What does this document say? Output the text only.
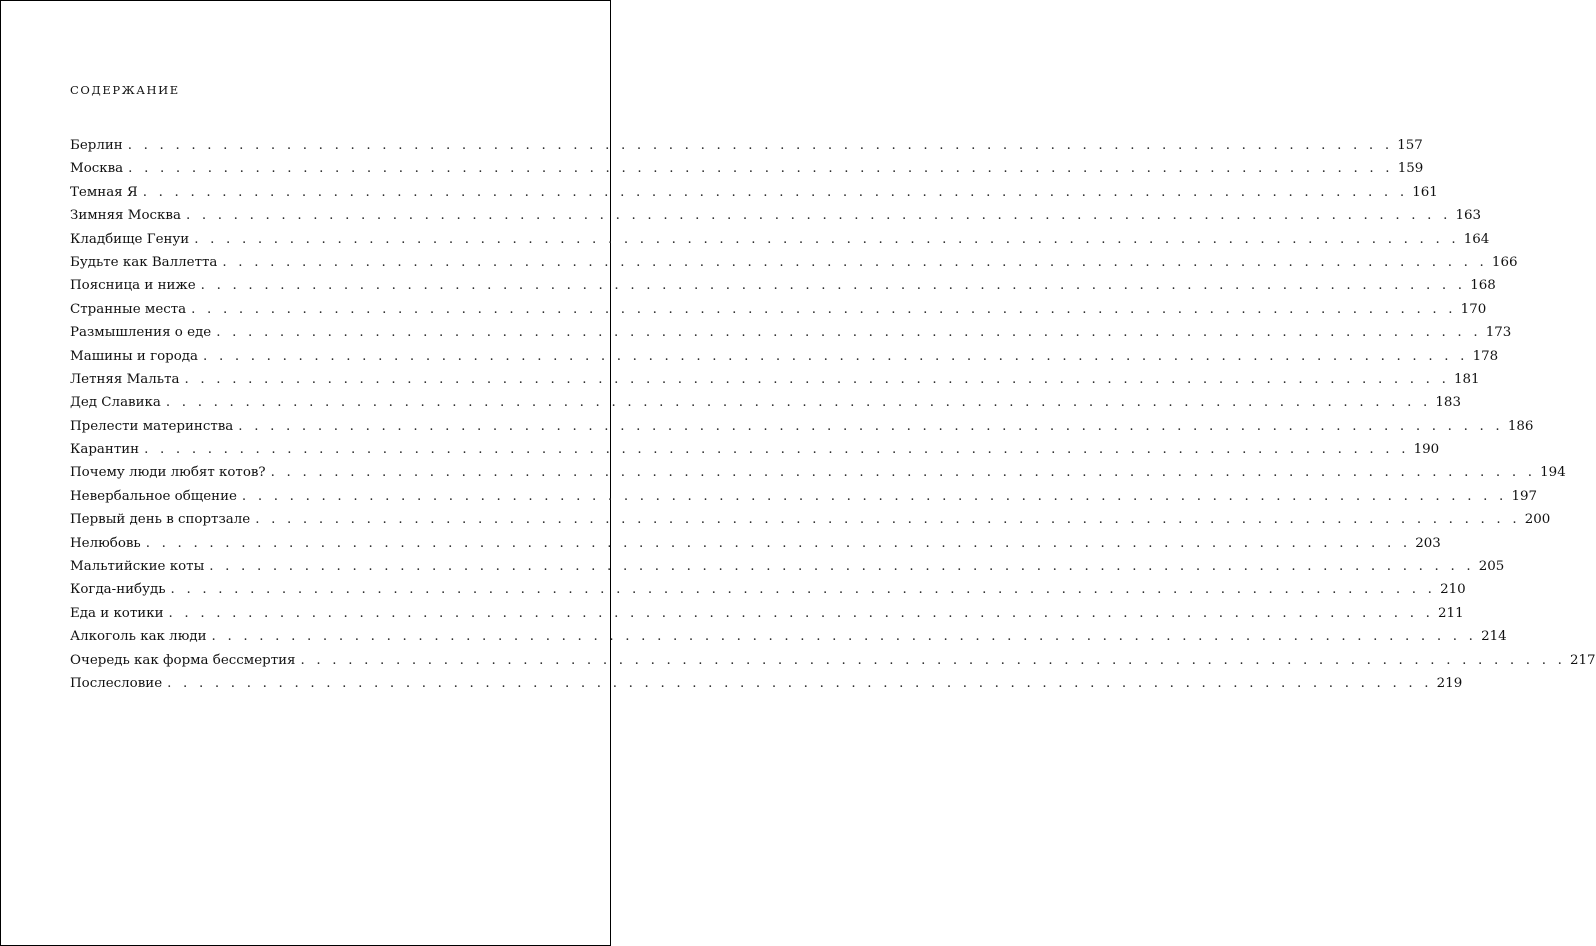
СОДЕРЖАНИЕ
Берлин . . . . . . . . . . . . . . . . . . . . . . . . . . . . . . . . . . . . . . . . . . . . . . . . . . . . . . . . . . . . . . . . . . . . . . . . . . . . . . . . 157
Москва . . . . . . . . . . . . . . . . . . . . . . . . . . . . . . . . . . . . . . . . . . . . . . . . . . . . . . . . . . . . . . . . . . . . . . . . . . . . . . . . 159
Темная Я . . . . . . . . . . . . . . . . . . . . . . . . . . . . . . . . . . . . . . . . . . . . . . . . . . . . . . . . . . . . . . . . . . . . . . . . . . . . . . . . 161
Зимняя Москва . . . . . . . . . . . . . . . . . . . . . . . . . . . . . . . . . . . . . . . . . . . . . . . . . . . . . . . . . . . . . . . . . . . . . . . . . . . . . . . . 163
Кладбище Генуи . . . . . . . . . . . . . . . . . . . . . . . . . . . . . . . . . . . . . . . . . . . . . . . . . . . . . . . . . . . . . . . . . . . . . . . . . . . . . . . . 164
Будьте как Валлетта . . . . . . . . . . . . . . . . . . . . . . . . . . . . . . . . . . . . . . . . . . . . . . . . . . . . . . . . . . . . . . . . . . . . . . . . . . . . . . . . 166
Поясница и ниже . . . . . . . . . . . . . . . . . . . . . . . . . . . . . . . . . . . . . . . . . . . . . . . . . . . . . . . . . . . . . . . . . . . . . . . . . . . . . . . . 168
Странные места . . . . . . . . . . . . . . . . . . . . . . . . . . . . . . . . . . . . . . . . . . . . . . . . . . . . . . . . . . . . . . . . . . . . . . . . . . . . . . . . 170
Размышления о еде . . . . . . . . . . . . . . . . . . . . . . . . . . . . . . . . . . . . . . . . . . . . . . . . . . . . . . . . . . . . . . . . . . . . . . . . . . . . . . . . 173
Машины и города . . . . . . . . . . . . . . . . . . . . . . . . . . . . . . . . . . . . . . . . . . . . . . . . . . . . . . . . . . . . . . . . . . . . . . . . . . . . . . . . 178
Летняя Мальта . . . . . . . . . . . . . . . . . . . . . . . . . . . . . . . . . . . . . . . . . . . . . . . . . . . . . . . . . . . . . . . . . . . . . . . . . . . . . . . . 181
Дед Славика . . . . . . . . . . . . . . . . . . . . . . . . . . . . . . . . . . . . . . . . . . . . . . . . . . . . . . . . . . . . . . . . . . . . . . . . . . . . . . . . 183
Прелести материнства . . . . . . . . . . . . . . . . . . . . . . . . . . . . . . . . . . . . . . . . . . . . . . . . . . . . . . . . . . . . . . . . . . . . . . . . . . . . . . . . 186
Карантин . . . . . . . . . . . . . . . . . . . . . . . . . . . . . . . . . . . . . . . . . . . . . . . . . . . . . . . . . . . . . . . . . . . . . . . . . . . . . . . . 190
Почему люди любят котов? . . . . . . . . . . . . . . . . . . . . . . . . . . . . . . . . . . . . . . . . . . . . . . . . . . . . . . . . . . . . . . . . . . . . . . . . . . . . . . . . 194
Невербальное общение . . . . . . . . . . . . . . . . . . . . . . . . . . . . . . . . . . . . . . . . . . . . . . . . . . . . . . . . . . . . . . . . . . . . . . . . . . . . . . . . 197
Первый день в спортзале . . . . . . . . . . . . . . . . . . . . . . . . . . . . . . . . . . . . . . . . . . . . . . . . . . . . . . . . . . . . . . . . . . . . . . . . . . . . . . . . 200
Нелюбовь . . . . . . . . . . . . . . . . . . . . . . . . . . . . . . . . . . . . . . . . . . . . . . . . . . . . . . . . . . . . . . . . . . . . . . . . . . . . . . . . 203
Мальтийские коты . . . . . . . . . . . . . . . . . . . . . . . . . . . . . . . . . . . . . . . . . . . . . . . . . . . . . . . . . . . . . . . . . . . . . . . . . . . . . . . . 205
Когда-нибудь . . . . . . . . . . . . . . . . . . . . . . . . . . . . . . . . . . . . . . . . . . . . . . . . . . . . . . . . . . . . . . . . . . . . . . . . . . . . . . . . 210
Еда и котики . . . . . . . . . . . . . . . . . . . . . . . . . . . . . . . . . . . . . . . . . . . . . . . . . . . . . . . . . . . . . . . . . . . . . . . . . . . . . . . . 211
Алкоголь как люди . . . . . . . . . . . . . . . . . . . . . . . . . . . . . . . . . . . . . . . . . . . . . . . . . . . . . . . . . . . . . . . . . . . . . . . . . . . . . . . . 214
Очередь как форма бессмертия . . . . . . . . . . . . . . . . . . . . . . . . . . . . . . . . . . . . . . . . . . . . . . . . . . . . . . . . . . . . . . . . . . . . . . . . . . . . . . . . 217
Послесловие . . . . . . . . . . . . . . . . . . . . . . . . . . . . . . . . . . . . . . . . . . . . . . . . . . . . . . . . . . . . . . . . . . . . . . . . . . . . . . . . 219
